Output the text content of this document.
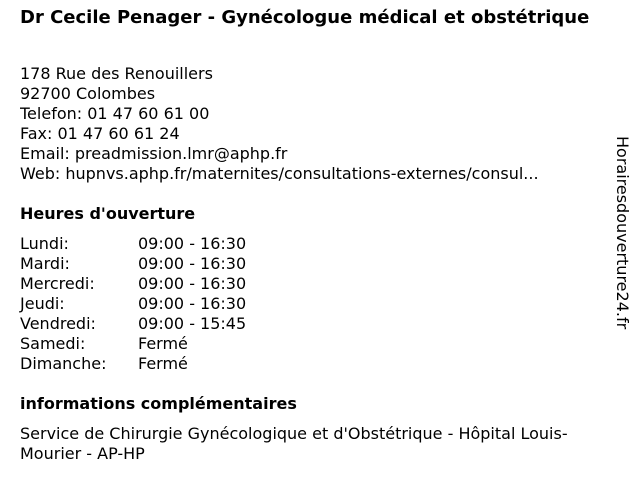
Dr Cecile Penager - Gynécologue médical et obstétrique
178 Rue des Renouillers
92700 Colombes
Telefon: 01 47 60 61 00
Fax: 01 47 60 61 24
Email: preadmission.lmr@aphp.fr
Web: hupnvs.aphp.fr/maternites/consultations-externes/consul...
Heures d'ouverture
Lundi:	09:00 - 16:30
Mardi:	09:00 - 16:30
Mercredi:	09:00 - 16:30
Jeudi:	09:00 - 16:30
Vendredi:	09:00 - 15:45
Samedi:	Fermé
Dimanche:	Fermé
informations complémentaires
Service de Chirurgie Gynécologique et d'Obstétrique - Hôpital Louis-Mourier - AP-HP
Horairesdouverture24.fr
